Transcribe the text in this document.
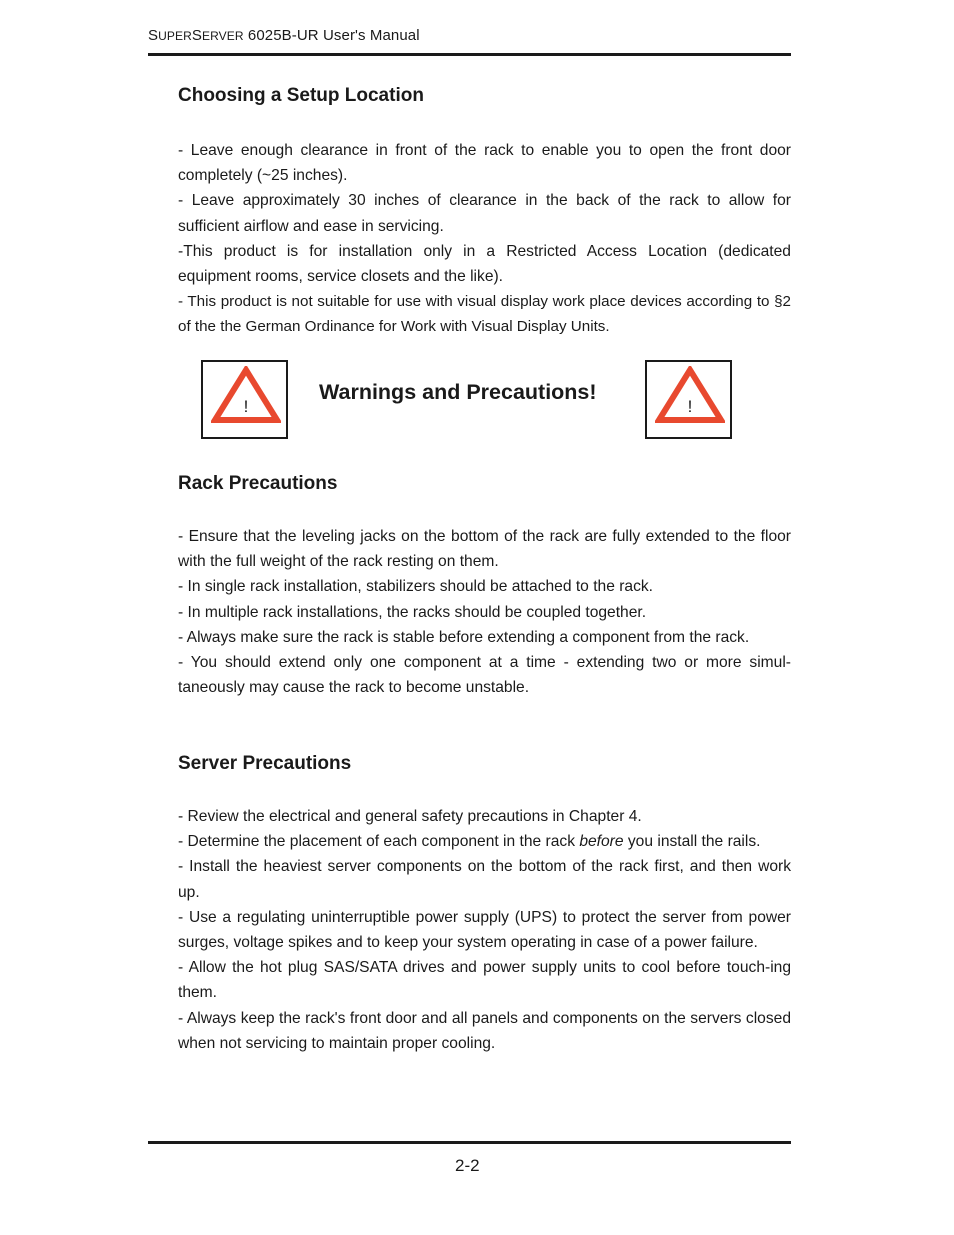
SUPERSERVER 6025B-UR User's Manual
Choosing a Setup Location

- Leave enough clearance in front of the rack to enable you to open the front door completely (~25 inches).

- Leave approximately 30 inches of clearance in the back of the rack to allow for sufficient airflow and ease in servicing.

-This product is for installation only in a Restricted Access Location (dedicated equipment rooms, service closets and the like).

- This product is not suitable for use with visual display work place devices according to §2 of the the German Ordinance for Work with Visual Display Units.

!
Warnings and Precautions!
!
Rack Precautions

- Ensure that the leveling jacks on the bottom of the rack are fully extended to the floor with the full weight of the rack resting on them.

- In single rack installation, stabilizers should be attached to the rack.

- In multiple rack installations, the racks should be coupled together.

- Always make sure the rack is stable before extending a component from the rack.

- You should extend only one component at a time - extending two or more simul-taneously may cause the rack to become unstable.

Server Precautions

- Review the electrical and general safety precautions in Chapter 4.

- Determine the placement of each component in the rack before you install the rails.

- Install the heaviest server components on the bottom of the rack first, and then work up.

- Use a regulating uninterruptible power supply (UPS) to protect the server from power surges, voltage spikes and to keep your system operating in case of a power failure.

- Allow the hot plug SAS/SATA drives and power supply units to cool before touch-ing them.

- Always keep the rack's front door and all panels and components on the servers closed when not servicing to maintain proper cooling.

2-2
